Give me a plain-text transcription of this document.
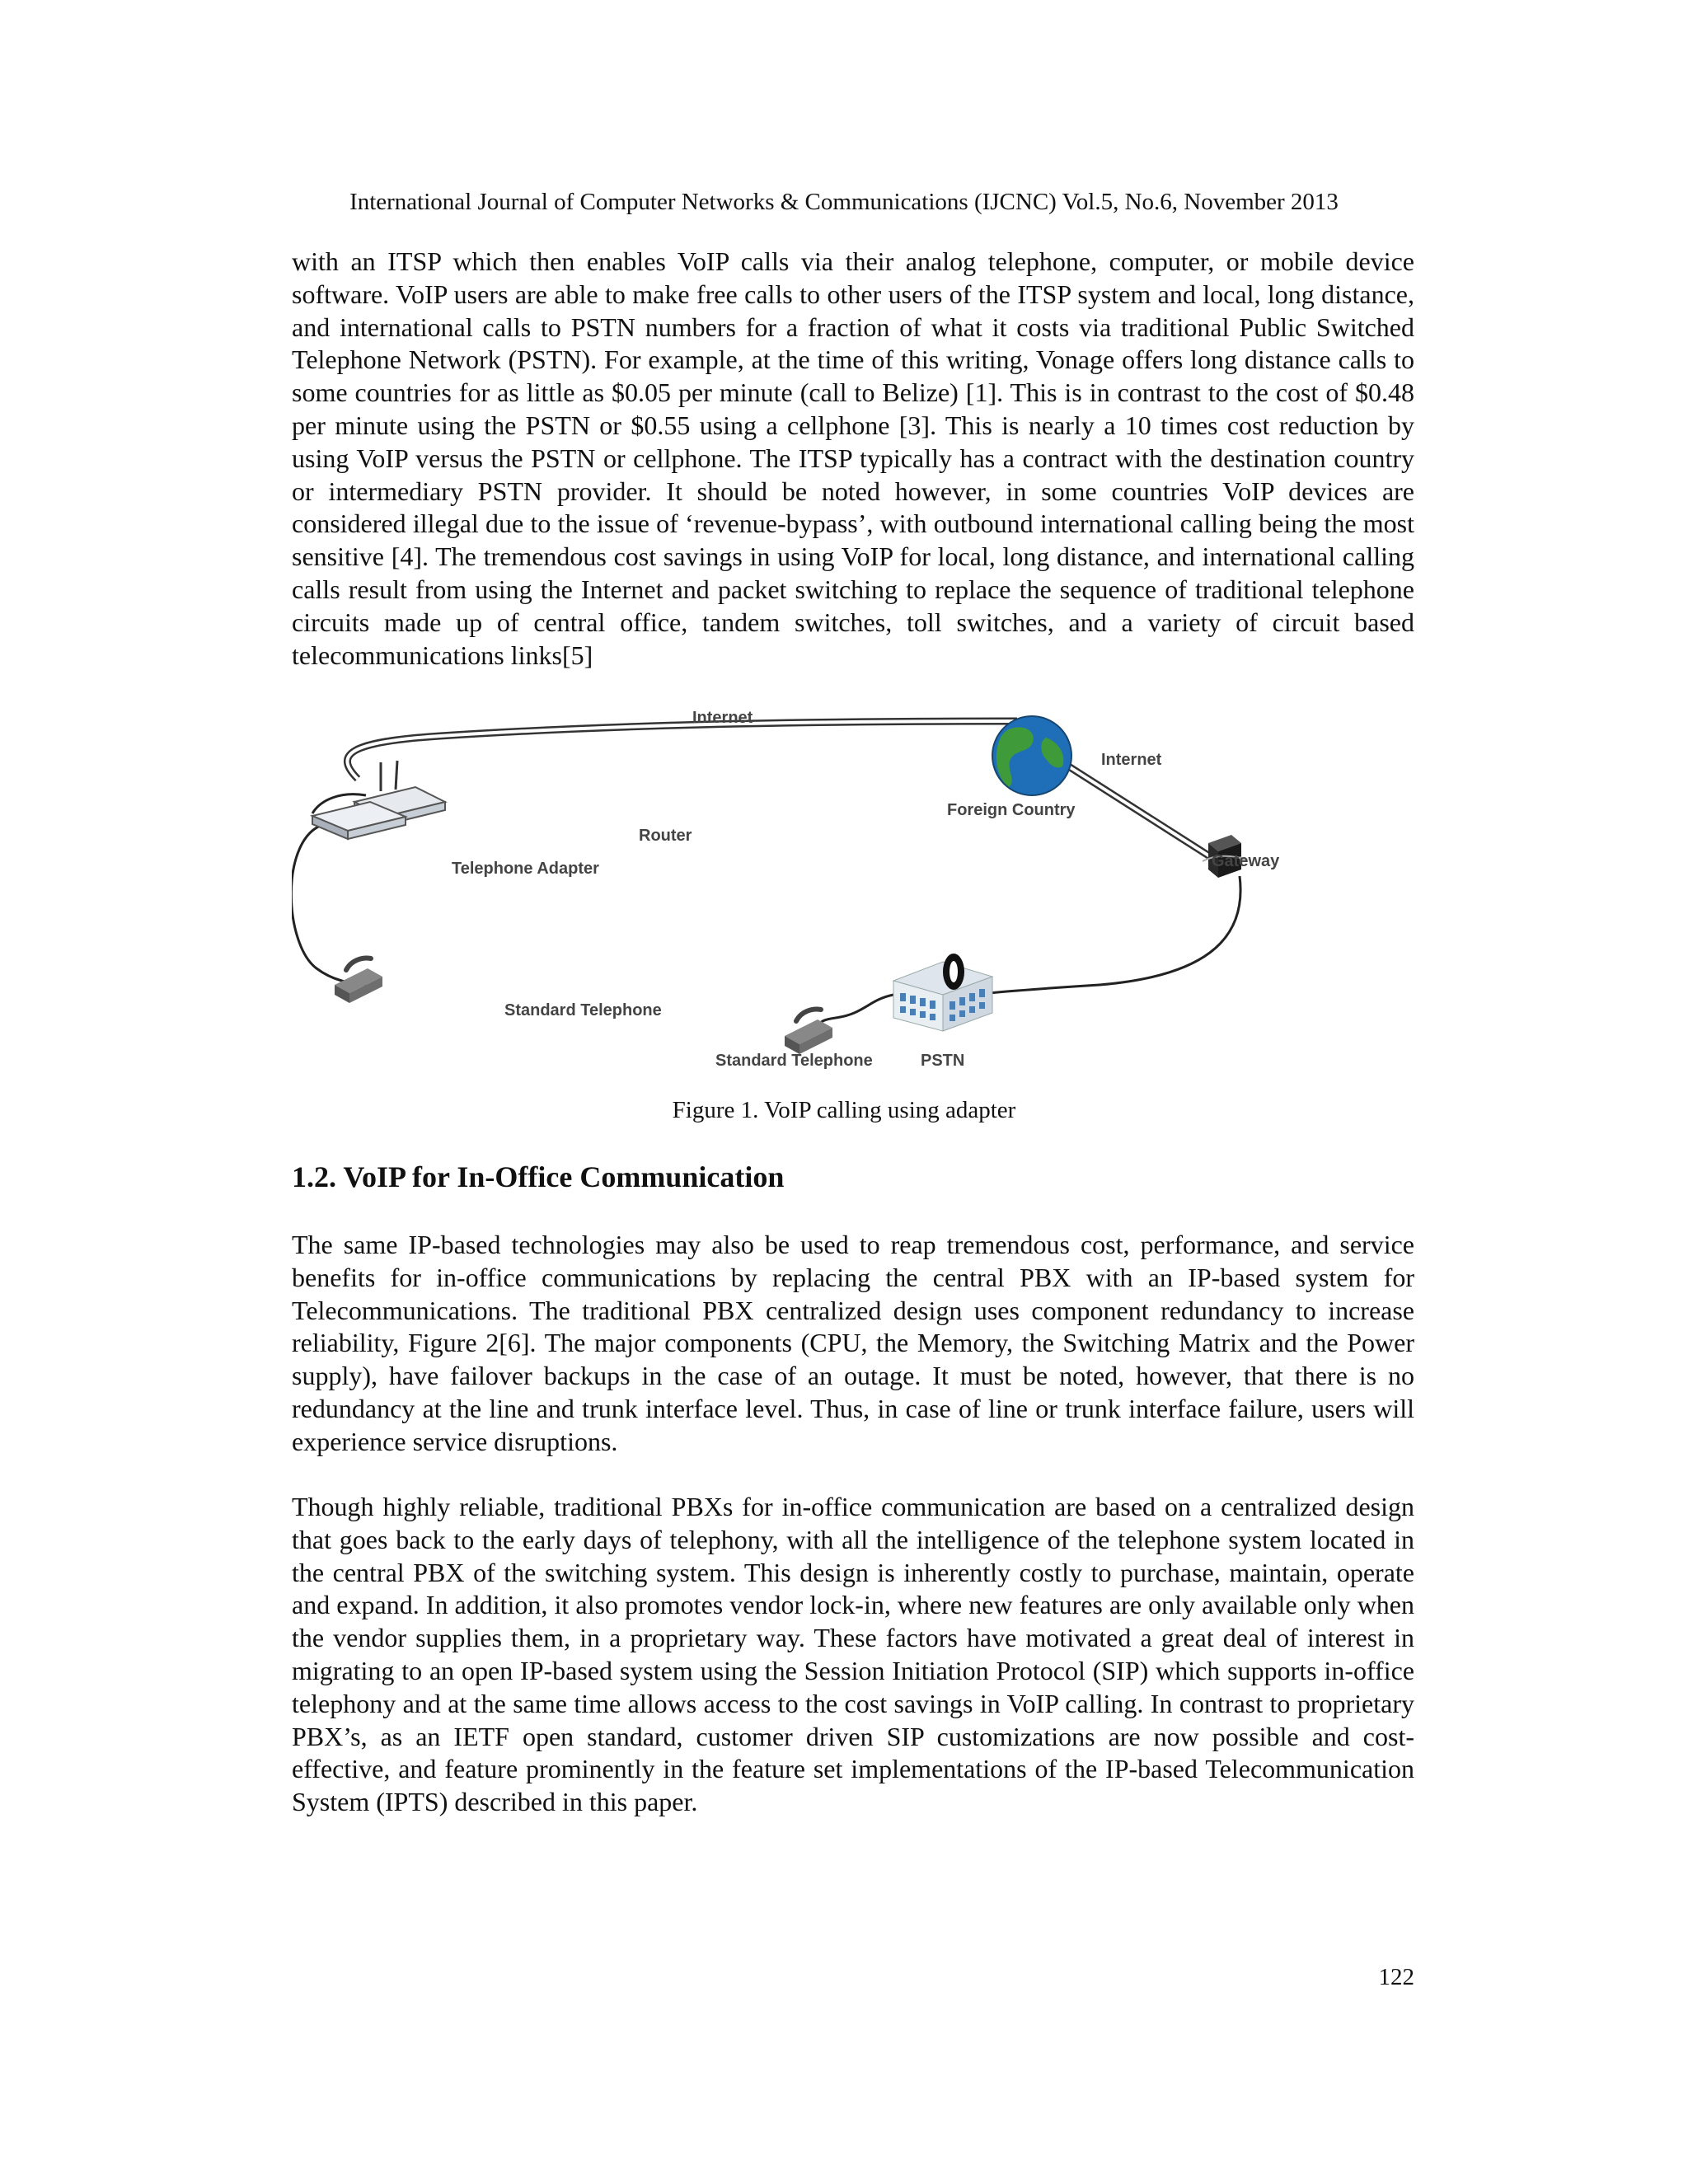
International Journal of Computer Networks & Communications (IJCNC) Vol.5, No.6, November 2013

with an ITSP which then enables VoIP calls via their analog telephone, computer, or mobile device software. VoIP users are able to make free calls to other users of the ITSP system and local, long distance, and international calls to PSTN numbers for a fraction of what it costs via traditional Public Switched Telephone Network (PSTN). For example, at the time of this writing, Vonage offers long distance calls to some countries for as little as $0.05 per minute (call to Belize) [1]. This is in contrast to the cost of $0.48 per minute using the PSTN or $0.55 using a cellphone [3]. This is nearly a 10 times cost reduction by using VoIP versus the PSTN or cellphone. The ITSP typically has a contract with the destination country or intermediary PSTN provider. It should be noted however, in some countries VoIP devices are considered illegal due to the issue of ‘revenue-bypass’, with outbound international calling being the most sensitive [4]. The tremendous cost savings in using VoIP for local, long distance, and international calling calls result from using the Internet and packet switching to replace the sequence of traditional telephone circuits made up of central office, tandem switches, toll switches, and a variety of circuit based telecommunications links[5]

Internet
Internet
Foreign Country
Router
Telephone Adapter	Gateway
Standard Telephone
Standard Telephone	PSTN
Figure 1. VoIP calling using adapter
1.2. VoIP for In-Office Communication

The same IP-based technologies may also be used to reap tremendous cost, performance, and service benefits for in-office communications by replacing the central PBX with an IP-based system for Telecommunications. The traditional PBX centralized design uses component redundancy to increase reliability, Figure 2[6]. The major components (CPU, the Memory, the Switching Matrix and the Power supply), have failover backups in the case of an outage. It must be noted, however, that there is no redundancy at the line and trunk interface level. Thus, in case of line or trunk interface failure, users will experience service disruptions.

Though highly reliable, traditional PBXs for in-office communication are based on a centralized design that goes back to the early days of telephony, with all the intelligence of the telephone system located in the central PBX of the switching system. This design is inherently costly to purchase, maintain, operate and expand. In addition, it also promotes vendor lock-in, where new features are only available only when the vendor supplies them, in a proprietary way. These factors have motivated a great deal of interest in migrating to an open IP-based system using the Session Initiation Protocol (SIP) which supports in-office telephony and at the same time allows access to the cost savings in VoIP calling. In contrast to proprietary PBX’s, as an IETF open standard, customer driven SIP customizations are now possible and cost-effective, and feature prominently in the feature set implementations of the IP-based Telecommunication System (IPTS) described in this paper.

122
